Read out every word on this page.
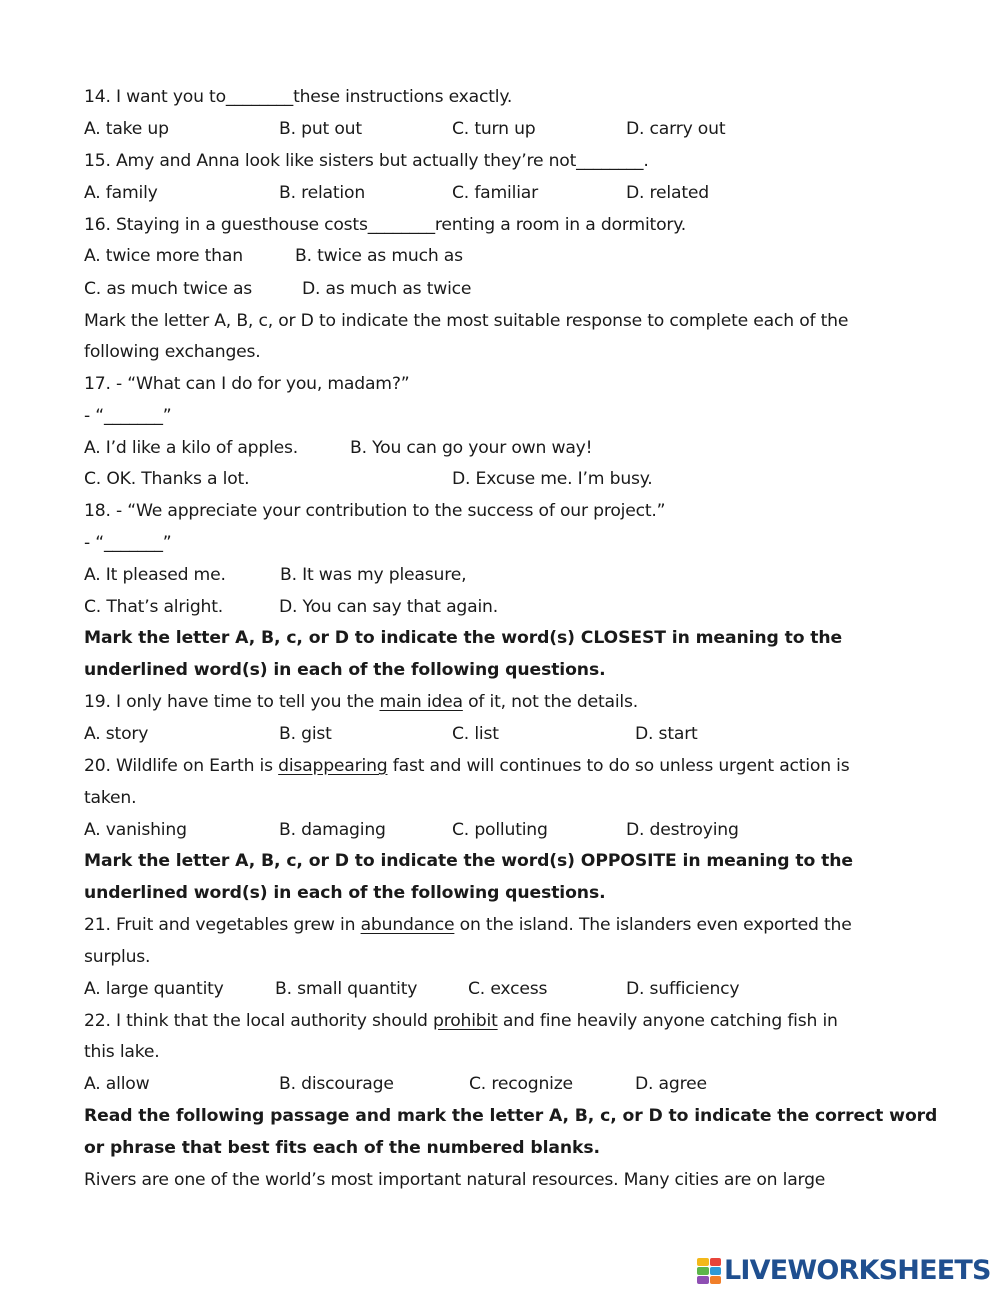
14. I want you to________these instructions exactly.
A. take up	B. put out	C. turn up	D. carry out
15. Amy and Anna look like sisters but actually they’re not________.
A. family	B. relation	C. familiar	D. related
16. Staying in a guesthouse costs________renting a room in a dormitory.
A. twice more than	B. twice as much as
C. as much twice as	D. as much as twice
Mark the letter A, B, c, or D to indicate the most suitable response to complete each of the
following exchanges.
17. - “What can I do for you, madam?”
- “_______”
A. I’d like a kilo of apples.	B. You can go your own way!
C. OK. Thanks a lot.	D. Excuse me. I’m busy.
18. - “We appreciate your contribution to the success of our project.”
- “_______”
A. It pleased me.	B. It was my pleasure,
C. That’s alright.	D. You can say that again.
Mark the letter A, B, c, or D to indicate the word(s) CLOSEST in meaning to the
underlined word(s) in each of the following questions.
19. I only have time to tell you the main idea of it, not the details.
A. story	B. gist	C. list	D. start
20. Wildlife on Earth is disappearing fast and will continues to do so unless urgent action is
taken.
A. vanishing	B. damaging	C. polluting	D. destroying
Mark the letter A, B, c, or D to indicate the word(s) OPPOSITE in meaning to the
underlined word(s) in each of the following questions.
21. Fruit and vegetables grew in abundance on the island. The islanders even exported the
surplus.
A. large quantity	B. small quantity	C. excess	D. sufficiency
22. I think that the local authority should prohibit and fine heavily anyone catching fish in
this lake.
A. allow	B. discourage	C. recognize	D. agree
Read the following passage and mark the letter A, B, c, or D to indicate the correct word
or phrase that best fits each of the numbered blanks.
Rivers are one of the world’s most important natural resources. Many cities are on large
LIVEWORKSHEETS
